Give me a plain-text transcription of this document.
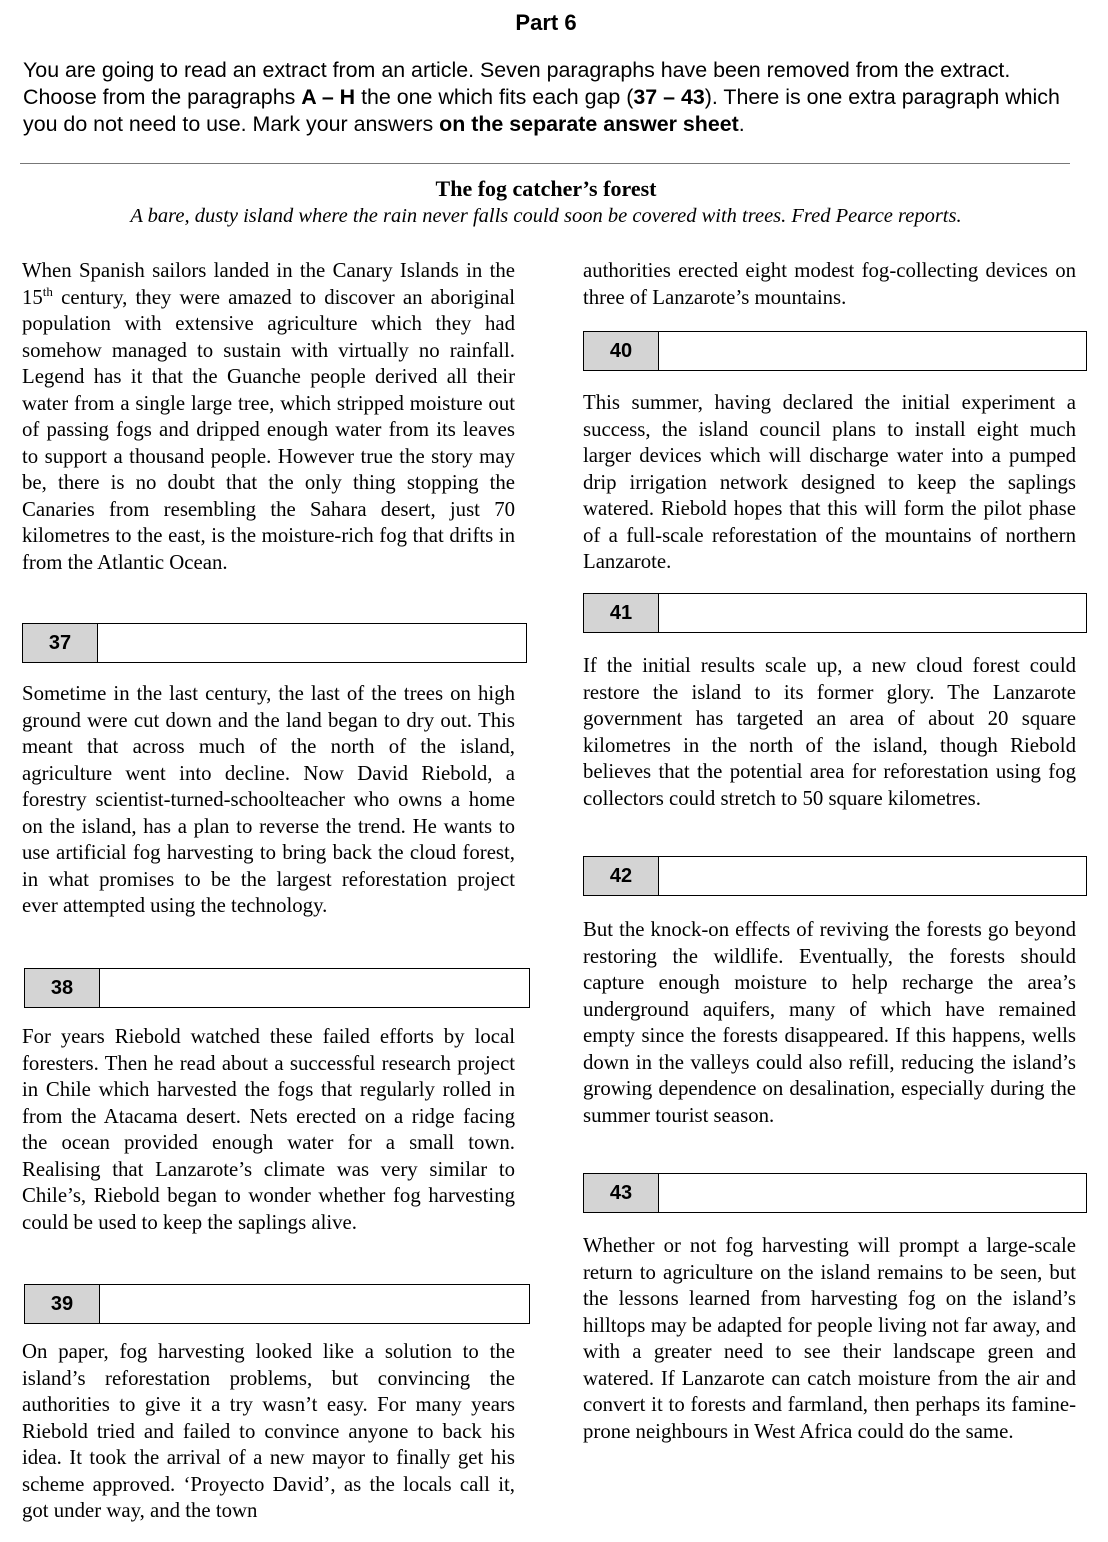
Part 6
You are going to read an extract from an article. Seven paragraphs have been removed from the extract. Choose from the paragraphs A – H the one which fits each gap (37 – 43). There is one extra paragraph which you do not need to use. Mark your answers on the separate answer sheet.
The fog catcher’s forest
A bare, dusty island where the rain never falls could soon be covered with trees. Fred Pearce reports.

When Spanish sailors landed in the Canary Islands in the 15th century, they were amazed to discover an aboriginal population with extensive agriculture which they had somehow managed to sustain with virtually no rainfall. Legend has it that the Guanche people derived all their water from a single large tree, which stripped moisture out of passing fogs and dripped enough water from its leaves to support a thousand people. However true the story may be, there is no doubt that the only thing stopping the Canaries from resembling the Sahara desert, just 70 kilometres to the east, is the moisture-rich fog that drifts in from the Atlantic Ocean.

37

Sometime in the last century, the last of the trees on high ground were cut down and the land began to dry out. This meant that across much of the north of the island, agriculture went into decline. Now David Riebold, a forestry scientist-turned-schoolteacher who owns a home on the island, has a plan to reverse the trend. He wants to use artificial fog harvesting to bring back the cloud forest, in what promises to be the largest reforestation project ever attempted using the technology.

38

For years Riebold watched these failed efforts by local foresters. Then he read about a successful research project in Chile which harvested the fogs that regularly rolled in from the Atacama desert. Nets erected on a ridge facing the ocean provided enough water for a small town. Realising that Lanzarote’s climate was very similar to Chile’s, Riebold began to wonder whether fog harvesting could be used to keep the saplings alive.

39

On paper, fog harvesting looked like a solution to the island’s reforestation problems, but convincing the authorities to give it a try wasn’t easy. For many years Riebold tried and failed to convince anyone to back his idea. It took the arrival of a new mayor to finally get his scheme approved. ‘Proyecto David’, as the locals call it, got under way, and the town

authorities erected eight modest fog-collecting devices on three of Lanzarote’s mountains.

40

This summer, having declared the initial experiment a success, the island council plans to install eight much larger devices which will discharge water into a pumped drip irrigation network designed to keep the saplings watered. Riebold hopes that this will form the pilot phase of a full-scale reforestation of the mountains of northern Lanzarote.

41

If the initial results scale up, a new cloud forest could restore the island to its former glory. The Lanzarote government has targeted an area of about 20 square kilometres in the north of the island, though Riebold believes that the potential area for reforestation using fog collectors could stretch to 50 square kilometres.

42

But the knock-on effects of reviving the forests go beyond restoring the wildlife. Eventually, the forests should capture enough moisture to help recharge the area’s underground aquifers, many of which have remained empty since the forests disappeared. If this happens, wells down in the valleys could also refill, reducing the island’s growing dependence on desalination, especially during the summer tourist season.

43

Whether or not fog harvesting will prompt a large-scale return to agriculture on the island remains to be seen, but the lessons learned from harvesting fog on the island’s hilltops may be adapted for people living not far away, and with a greater need to see their landscape green and watered. If Lanzarote can catch moisture from the air and convert it to forests and farmland, then perhaps its famine-prone neighbours in West Africa could do the same.
